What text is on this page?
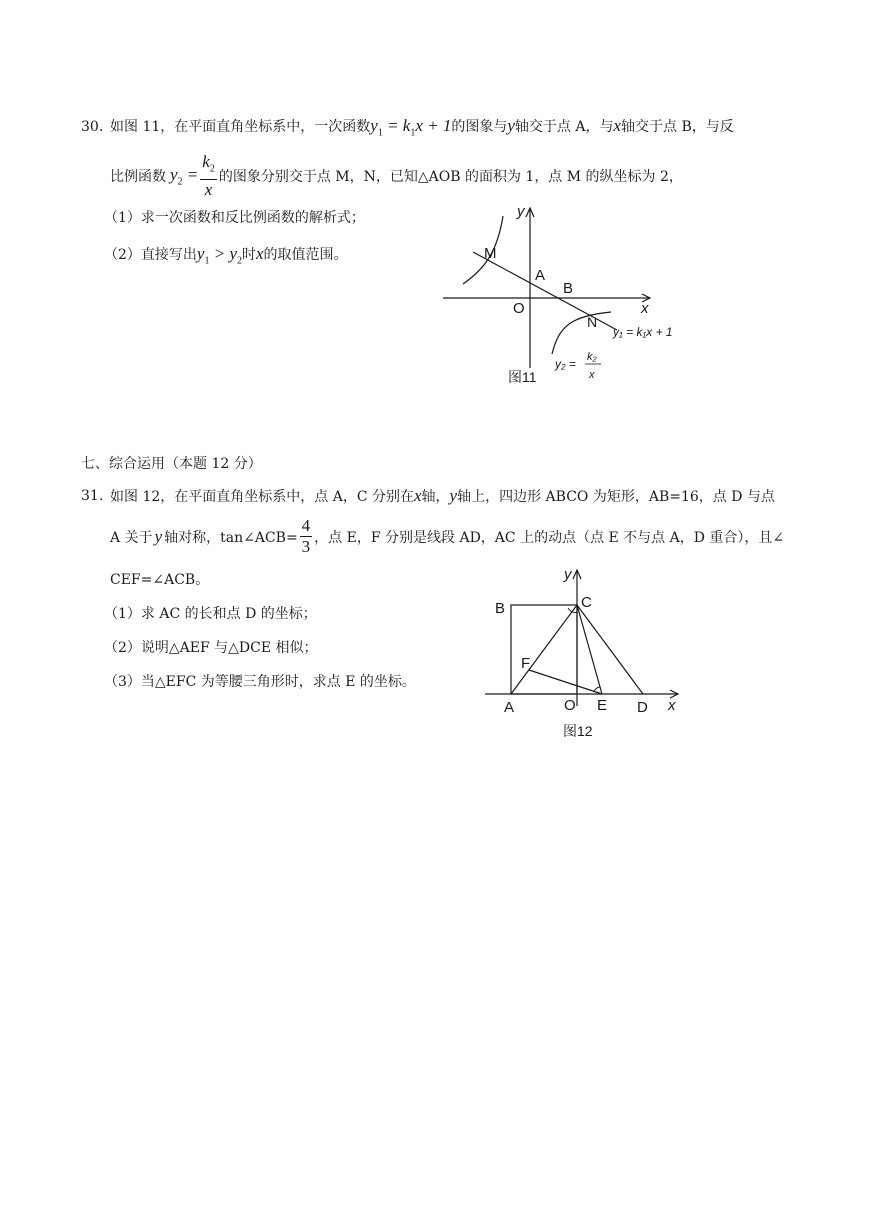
30. 如图 11，在平面直角坐标系中，一次函数$y_1 = k_1x + 1$的图象与y轴交于点 A，与x轴交于点 B，与反
比例函数 $y_2 = \frac{k_2}{x}$ 的图象分别交于点 M，N，已知△AOB 的面积为 1，点 M 的纵坐标为 2，
（1）求一次函数和反比例函数的解析式；
（2）直接写出$y_1 > y_2$时x的取值范围。
y
x
M
A
B
O
N
y₁ = k₁x + 1
y₂ = k₂
x
图11
七、综合运用（本题 12 分）
31. 如图 12，在平面直角坐标系中，点 A，C 分别在x轴，y轴上，四边形 ABCO 为矩形，AB=16，点 D 与点
A 关于 y 轴对称，tan∠ACB= $\frac{4}{3}$ ，点 E，F 分别是线段 AD，AC 上的动点（点 E 不与点 A，D 重合），且∠
CEF=∠ACB。
（1）求 AC 的长和点 D 的坐标；
（2）说明△AEF 与△DCE 相似；
（3）当△EFC 为等腰三角形时，求点 E 的坐标。
y
x
B	C
F
A	O E D
图12
